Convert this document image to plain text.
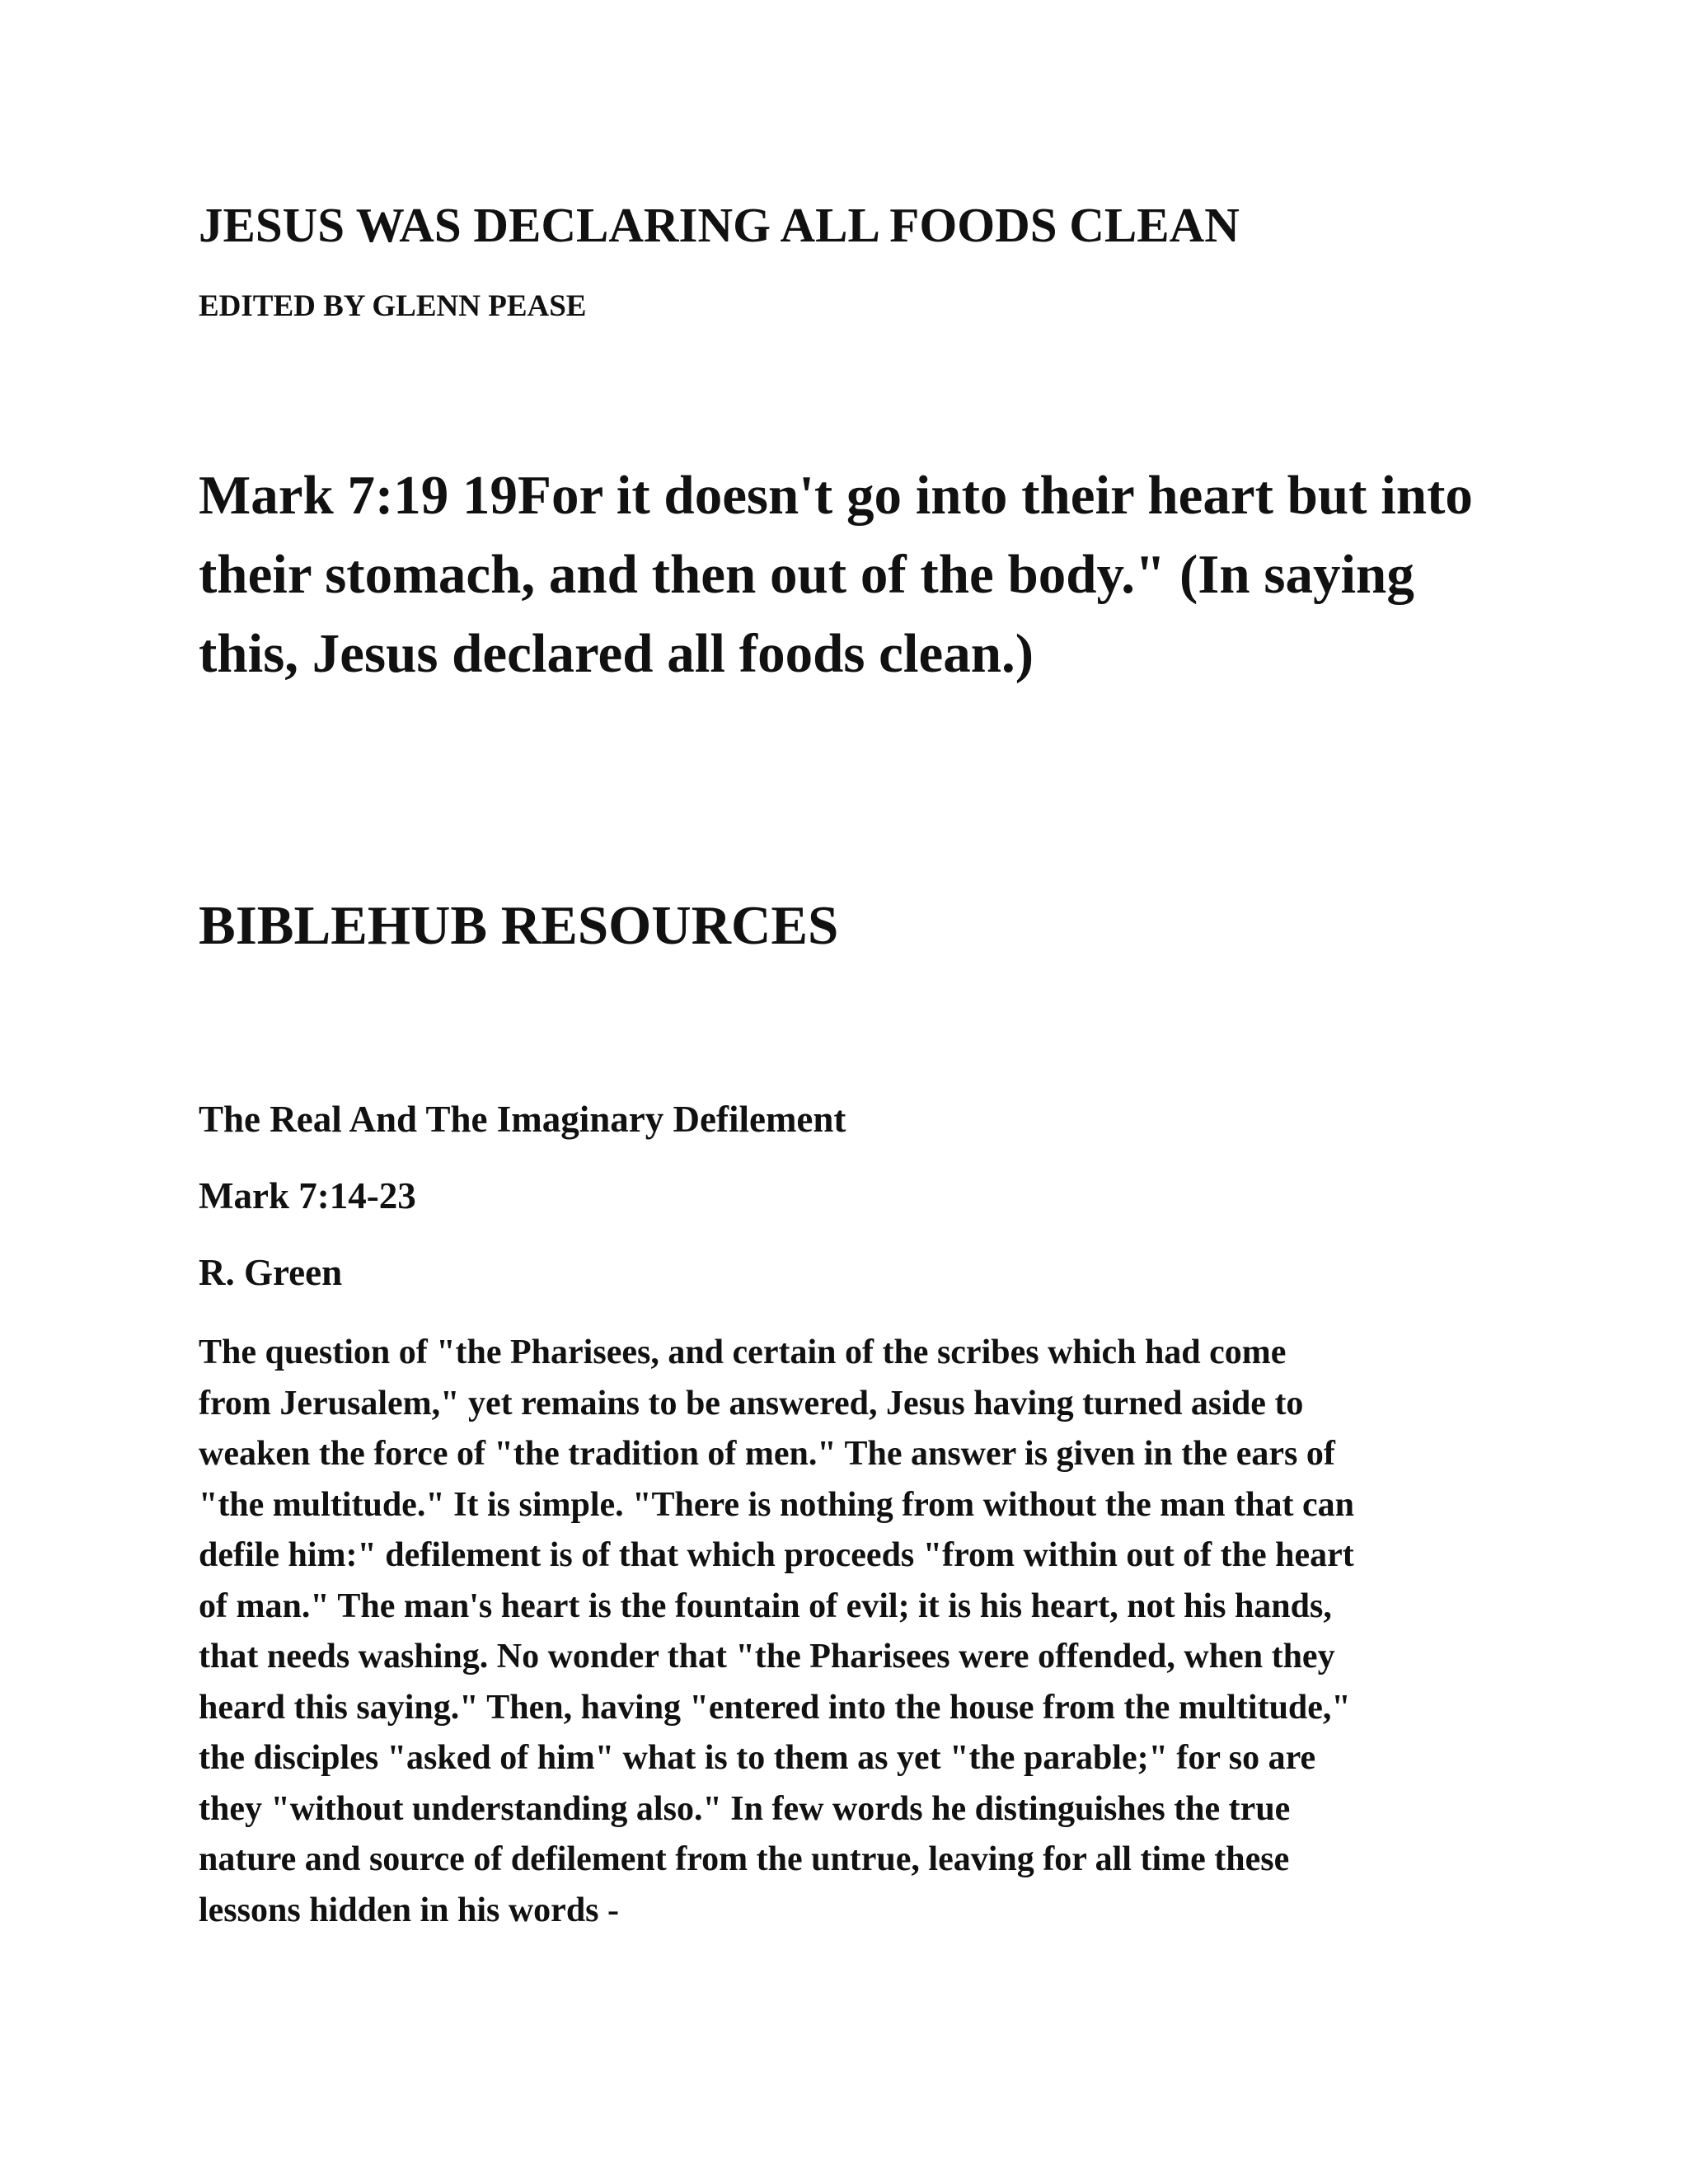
JESUS WAS DECLARING ALL FOODS CLEAN
EDITED BY GLENN PEASE
Mark 7:19 19For it doesn't go into their heart but into
their stomach, and then out of the body." (In saying
this, Jesus declared all foods clean.)
BIBLEHUB RESOURCES
The Real And The Imaginary Defilement
Mark 7:14-23
R. Green
The question of "the Pharisees, and certain of the scribes which had come
from Jerusalem," yet remains to be answered, Jesus having turned aside to
weaken the force of "the tradition of men." The answer is given in the ears of
"the multitude." It is simple. "There is nothing from without the man that can
defile him:" defilement is of that which proceeds "from within out of the heart
of man." The man's heart is the fountain of evil; it is his heart, not his hands,
that needs washing. No wonder that "the Pharisees were offended, when they
heard this saying." Then, having "entered into the house from the multitude,"
the disciples "asked of him" what is to them as yet "the parable;" for so are
they "without understanding also." In few words he distinguishes the true
nature and source of defilement from the untrue, leaving for all time these
lessons hidden in his words -
